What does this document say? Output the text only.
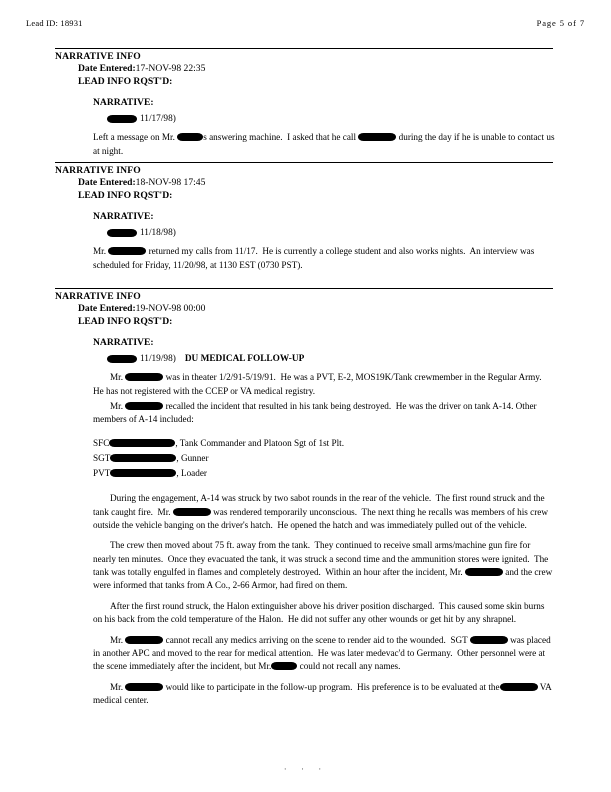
Lead ID: 18931	Page 5 of 7
NARRATIVE INFO
Date Entered:17-NOV-98 22:35
LEAD INFO RQST'D:
NARRATIVE:
11/17/98)
Left a message on Mr.	s answering machine.  I asked that he call	during the day if he is unable to contact us at night.
NARRATIVE INFO
Date Entered:18-NOV-98 17:45
LEAD INFO RQST'D:
NARRATIVE:
11/18/98)
Mr.	returned my calls from 11/17.  He is currently a college student and also works nights.  An interview was scheduled for Friday, 11/20/98, at 1130 EST (0730 PST).
NARRATIVE INFO
Date Entered:19-NOV-98 00:00
LEAD INFO RQST'D:
NARRATIVE:
11/19/98) DU MEDICAL FOLLOW-UP
Mr.	was in theater 1/2/91-5/19/91.  He was a PVT, E-2, MOS19K/Tank crewmember in the Regular Army.  He has not registered with the CCEP or VA medical registry.
Mr.	recalled the incident that resulted in his tank being destroyed.  He was the driver on tank A-14. Other members of A-14 included:
SFC	, Tank Commander and Platoon Sgt of 1st Plt.
SGT	, Gunner
PVT	, Loader
During the engagement, A-14 was struck by two sabot rounds in the rear of the vehicle.  The first round struck and the tank caught fire.  Mr.	was rendered temporarily unconscious.  The next thing he recalls was members of his crew outside the vehicle banging on the driver's hatch.  He opened the hatch and was immediately pulled out of the vehicle.
The crew then moved about 75 ft. away from the tank.  They continued to receive small arms/machine gun fire for nearly ten minutes.  Once they evacuated the tank, it was struck a second time and the ammunition stores were ignited.  The tank was totally engulfed in flames and completely destroyed.  Within an hour after the incident, Mr.	and the crew were informed that tanks from A Co., 2-66 Armor, had fired on them.
After the first round struck, the Halon extinguisher above his driver position discharged.  This caused some skin burns on his back from the cold temperature of the Halon.  He did not suffer any other wounds or get hit by any shrapnel.
Mr.	cannot recall any medics arriving on the scene to render aid to the wounded.  SGT	was placed in another APC and moved to the rear for medical attention.  He was later medevac'd to Germany.  Other personnel were at the scene immediately after the incident, but Mr.	could not recall any names.
Mr.	would like to participate in the follow-up program.  His preference is to be evaluated at the	VA medical center.
· · ·
